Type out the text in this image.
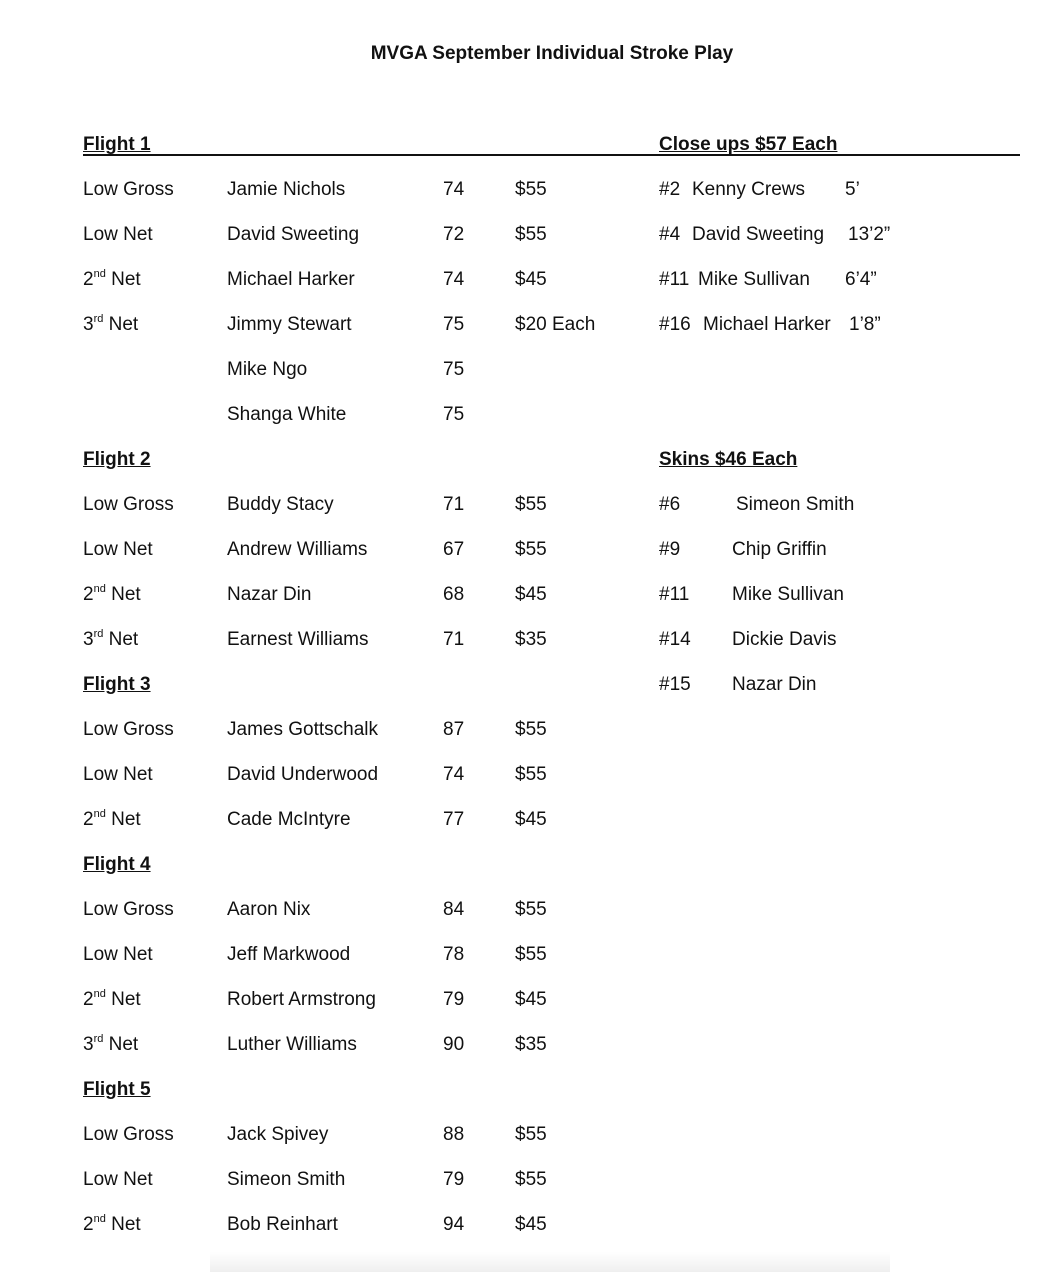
MVGA September Individual Stroke Play
Flight 1
Low Gross	Jamie Nichols	74	$55
Low Net	David Sweeting	72	$55
2nd Net	Michael Harker	74	$45
3rd Net	Jimmy Stewart	75	$20 Each
Mike Ngo	75
Shanga White	75
Flight 2
Low Gross	Buddy Stacy	71	$55
Low Net	Andrew Williams	67	$55
2nd Net	Nazar Din	68	$45
3rd Net	Earnest Williams	71	$35
Flight 3
Low Gross	James Gottschalk	87	$55
Low Net	David Underwood	74	$55
2nd Net	Cade McIntyre	77	$45
Flight 4
Low Gross	Aaron Nix	84	$55
Low Net	Jeff Markwood	78	$55
2nd Net	Robert Armstrong	79	$45
3rd Net	Luther Williams	90	$35
Flight 5
Low Gross	Jack Spivey	88	$55
Low Net	Simeon Smith	79	$55
2nd Net	Bob Reinhart	94	$45
Close ups $57 Each
#2 Kenny Crews 5’
#4 David Sweeting 13’2”
#11 Mike Sullivan 6’4”
#16 Michael Harker 1’8”
Skins $46 Each
#6	Simeon Smith
#9	Chip Griffin
#11 Mike Sullivan
#14 Dickie Davis
#15 Nazar Din
